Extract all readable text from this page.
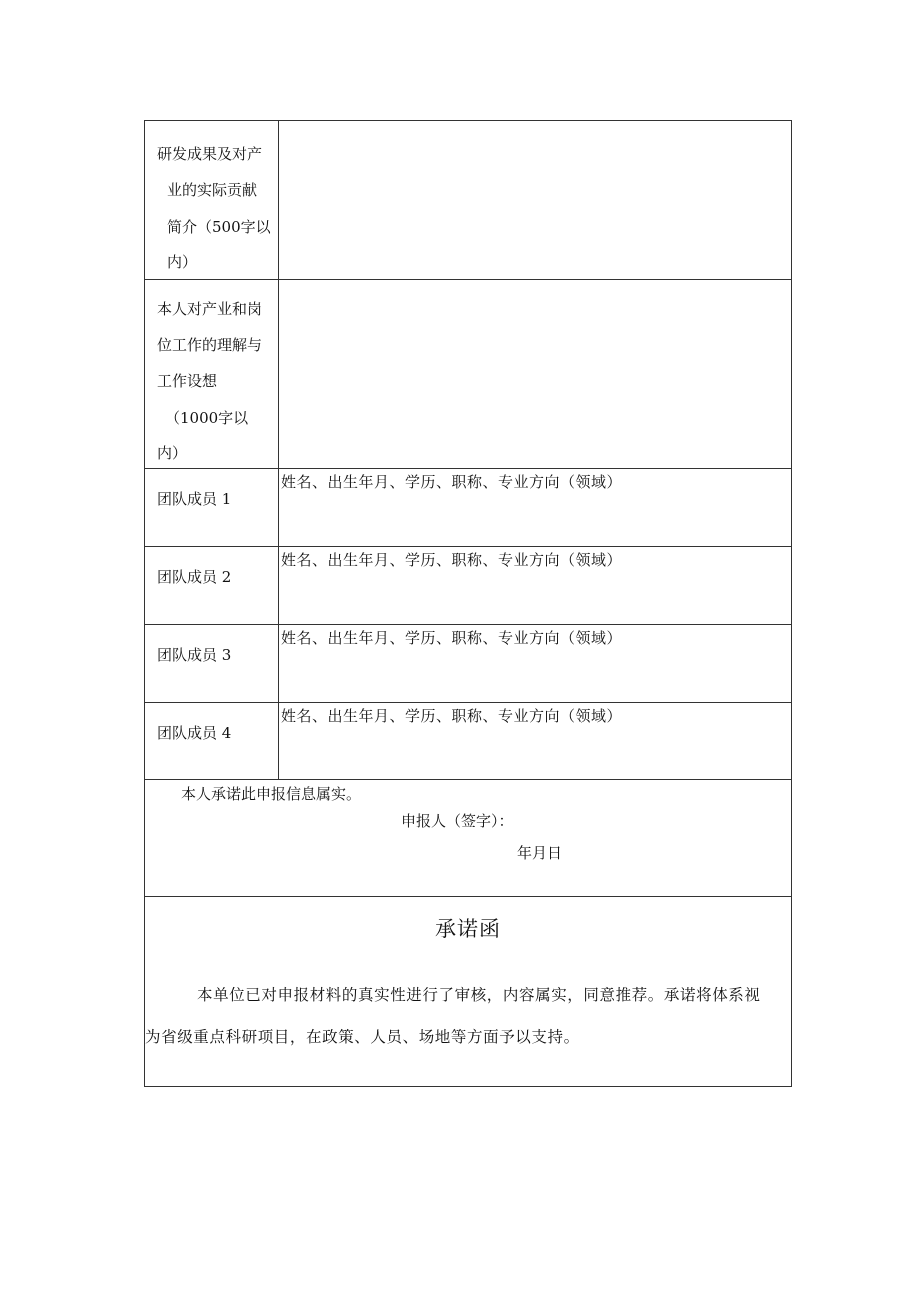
研发成果及对产
业的实际贡献
简介（500字以
内）
本人对产业和岗
位工作的理解与
工作设想
（1000字以
内）
团队成员 1
姓名、出生年月、学历、职称、专业方向（领域）
团队成员 2
姓名、出生年月、学历、职称、专业方向（领域）
团队成员 3
姓名、出生年月、学历、职称、专业方向（领域）
团队成员 4
姓名、出生年月、学历、职称、专业方向（领域）
本人承诺此申报信息属实。
申报人（签字）：
年月日
承诺函
本单位已对申报材料的真实性进行了审核，内容属实，同意推荐。承诺将体系视
为省级重点科研项目，在政策、人员、场地等方面予以支持。
